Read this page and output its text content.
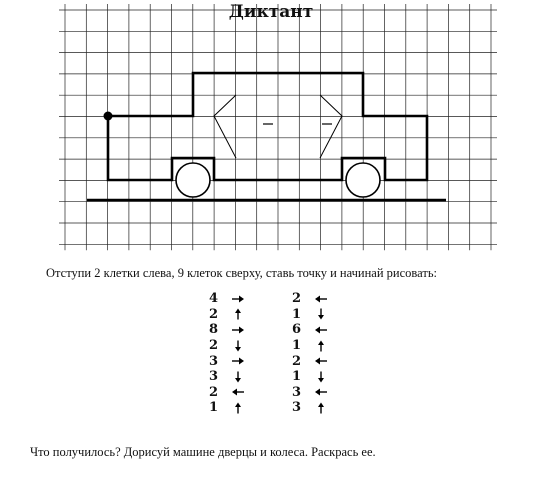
Диктант
Отступи 2 клетки слева, 9 клеток сверху, ставь точку и начинай рисовать:
4
2
8
2
3
3
2
1
2
1
6
1
2
1
3
3
Что получилось? Дорисуй машине дверцы и колеса. Раскрась ее.
